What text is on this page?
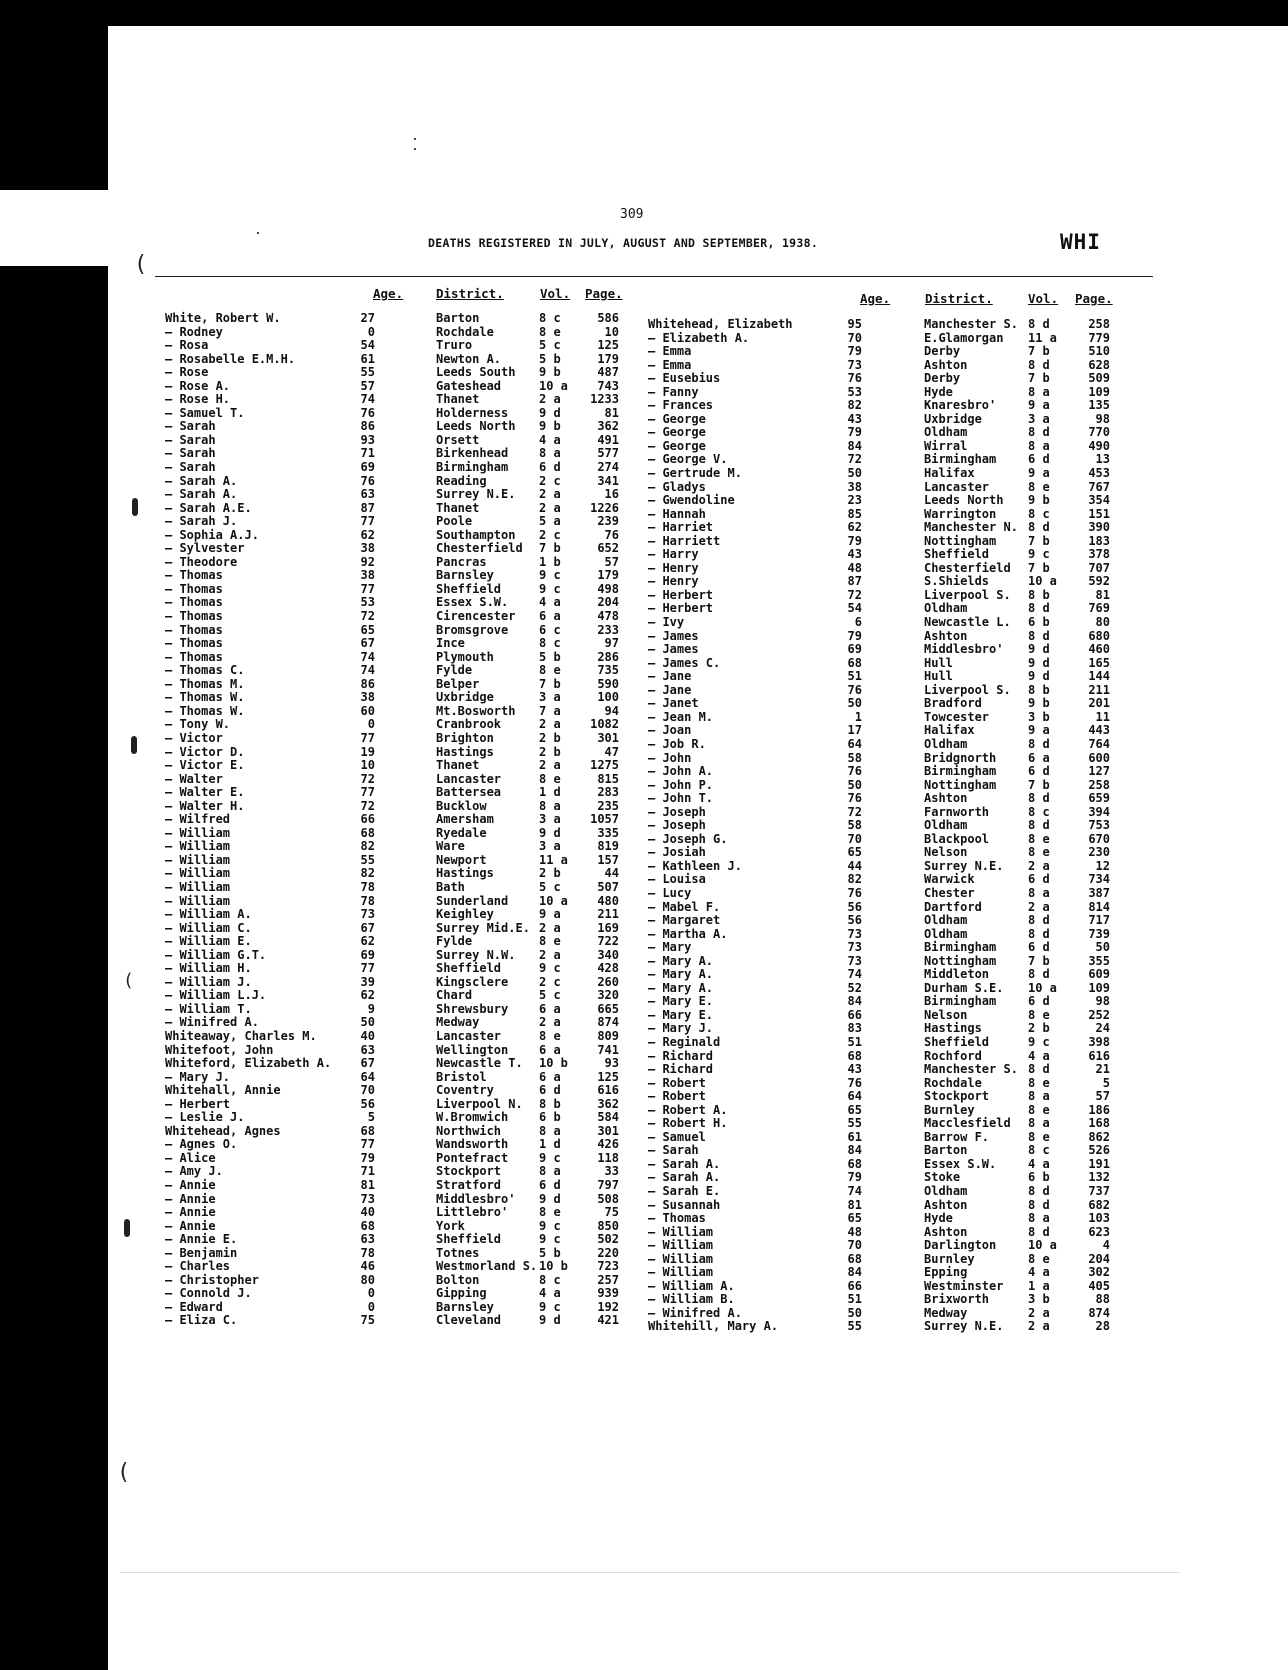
309
DEATHS REGISTERED IN JULY, AUGUST AND SEPTEMBER, 1938.	WHI
(
(
(
Age.	District.	Vol. Page.	Age.	District.	Vol. Page.
White, Robert W.	27	Barton	8 c	586
— Rodney	0	Rochdale	8 e	10
— Rosa	54	Truro	5 c	125
— Rosabelle E.M.H.	61	Newton A.	5 b	179
— Rose	55	Leeds South 9 b	487
— Rose A.	57	Gateshead	10 a	743
— Rose H.	74	Thanet	2 a	1233
— Samuel T.	76	Holderness	9 d	81
— Sarah	86	Leeds North 9 b	362
— Sarah	93	Orsett	4 a	491
— Sarah	71	Birkenhead	8 a	577
— Sarah	69	Birmingham	6 d	274
— Sarah A.	76	Reading	2 c	341
— Sarah A.	63	Surrey N.E. 2 a	16
— Sarah A.E.	87	Thanet	2 a	1226
— Sarah J.	77	Poole	5 a	239
— Sophia A.J.	62	Southampton 2 c	76
— Sylvester	38	Chesterfield 7 b	652
— Theodore	92	Pancras	1 b	57
— Thomas	38	Barnsley	9 c	179
— Thomas	77	Sheffield	9 c	498
— Thomas	53	Essex S.W.	4 a	204
— Thomas	72	Cirencester 6 a	478
— Thomas	65	Bromsgrove	6 c	233
— Thomas	67	Ince	8 c	97
— Thomas	74	Plymouth	5 b	286
— Thomas C.	74	Fylde	8 e	735
— Thomas M.	86	Belper	7 b	590
— Thomas W.	38	Uxbridge	3 a	100
— Thomas W.	60	Mt.Bosworth 7 a	94
— Tony W.	0	Cranbrook	2 a	1082
— Victor	77	Brighton	2 b	301
— Victor D.	19	Hastings	2 b	47
— Victor E.	10	Thanet	2 a	1275
— Walter	72	Lancaster	8 e	815
— Walter E.	77	Battersea	1 d	283
— Walter H.	72	Bucklow	8 a	235
— Wilfred	66	Amersham	3 a	1057
— William	68	Ryedale	9 d	335
— William	82	Ware	3 a	819
— William	55	Newport	11 a	157
— William	82	Hastings	2 b	44
— William	78	Bath	5 c	507
— William	78	Sunderland	10 a	480
— William A.	73	Keighley	9 a	211
— William C.	67	Surrey Mid.E. 2 a	169
— William E.	62	Fylde	8 e	722
— William G.T.	69	Surrey N.W. 2 a	340
— William H.	77	Sheffield	9 c	428
— William J.	39	Kingsclere	2 c	260
— William L.J.	62	Chard	5 c	320
— William T.	9	Shrewsbury	6 a	665
— Winifred A.	50	Medway	2 a	874
Whiteaway, Charles M.	40	Lancaster	8 e	809
Whitefoot, John	63	Wellington	6 a	741
Whiteford, Elizabeth A.	67	Newcastle T. 10 b	93
— Mary J.	64	Bristol	6 a	125
Whitehall, Annie	70	Coventry	6 d	616
— Herbert	56	Liverpool N. 8 b	362
— Leslie J.	5	W.Bromwich	6 b	584
Whitehead, Agnes	68	Northwich	8 a	301
— Agnes O.	77	Wandsworth	1 d	426
— Alice	79	Pontefract	9 c	118
— Amy J.	71	Stockport	8 a	33
— Annie	81	Stratford	6 d	797
— Annie	73	Middlesbro' 9 d	508
— Annie	40	Littlebro'	8 e	75
— Annie	68	York	9 c	850
— Annie E.	63	Sheffield	9 c	502
— Benjamin	78	Totnes	5 b	220
— Charles	46	Westmorland S. 10 b	723
— Christopher	80	Bolton	8 c	257
— Connold J.	0	Gipping	4 a	939
— Edward	0	Barnsley	9 c	192
— Eliza C.	75	Cleveland	9 d	421
Whitehead, Elizabeth	95	Manchester S. 8 d	258
— Elizabeth A.	70	E.Glamorgan 11 a	779
— Emma	79	Derby	7 b	510
— Emma	73	Ashton	8 d	628
— Eusebius	76	Derby	7 b	509
— Fanny	53	Hyde	8 a	109
— Frances	82	Knaresbro'	9 a	135
— George	43	Uxbridge	3 a	98
— George	79	Oldham	8 d	770
— George	84	Wirral	8 a	490
— George V.	72	Birmingham	6 d	13
— Gertrude M.	50	Halifax	9 a	453
— Gladys	38	Lancaster	8 e	767
— Gwendoline	23	Leeds North 9 b	354
— Hannah	85	Warrington	8 c	151
— Harriet	62	Manchester N. 8 d	390
— Harriett	79	Nottingham	7 b	183
— Harry	43	Sheffield	9 c	378
— Henry	48	Chesterfield 7 b	707
— Henry	87	S.Shields	10 a	592
— Herbert	72	Liverpool S. 8 b	81
— Herbert	54	Oldham	8 d	769
— Ivy	6	Newcastle L. 6 b	80
— James	79	Ashton	8 d	680
— James	69	Middlesbro' 9 d	460
— James C.	68	Hull	9 d	165
— Jane	51	Hull	9 d	144
— Jane	76	Liverpool S. 8 b	211
— Janet	50	Bradford	9 b	201
— Jean M.	1	Towcester	3 b	11
— Joan	17	Halifax	9 a	443
— Job R.	64	Oldham	8 d	764
— John	58	Bridgnorth	6 a	600
— John A.	76	Birmingham	6 d	127
— John P.	50	Nottingham	7 b	258
— John T.	76	Ashton	8 d	659
— Joseph	72	Farnworth	8 c	394
— Joseph	58	Oldham	8 d	753
— Joseph G.	70	Blackpool	8 e	670
— Josiah	65	Nelson	8 e	230
— Kathleen J.	44	Surrey N.E. 2 a	12
— Louisa	82	Warwick	6 d	734
— Lucy	76	Chester	8 a	387
— Mabel F.	56	Dartford	2 a	814
— Margaret	56	Oldham	8 d	717
— Martha A.	73	Oldham	8 d	739
— Mary	73	Birmingham	6 d	50
— Mary A.	73	Nottingham	7 b	355
— Mary A.	74	Middleton	8 d	609
— Mary A.	52	Durham S.E. 10 a	109
— Mary E.	84	Birmingham	6 d	98
— Mary E.	66	Nelson	8 e	252
— Mary J.	83	Hastings	2 b	24
— Reginald	51	Sheffield	9 c	398
— Richard	68	Rochford	4 a	616
— Richard	43	Manchester S. 8 d	21
— Robert	76	Rochdale	8 e	5
— Robert	64	Stockport	8 a	57
— Robert A.	65	Burnley	8 e	186
— Robert H.	55	Macclesfield 8 a	168
— Samuel	61	Barrow F.	8 e	862
— Sarah	84	Barton	8 c	526
— Sarah A.	68	Essex S.W.	4 a	191
— Sarah A.	79	Stoke	6 b	132
— Sarah E.	74	Oldham	8 d	737
— Susannah	81	Ashton	8 d	682
— Thomas	65	Hyde	8 a	103
— William	48	Ashton	8 d	623
— William	70	Darlington	10 a	4
— William	68	Burnley	8 e	204
— William	84	Epping	4 a	302
— William A.	66	Westminster 1 a	405
— William B.	51	Brixworth	3 b	88
— Winifred A.	50	Medway	2 a	874
Whitehill, Mary A.	55	Surrey N.E. 2 a	28
